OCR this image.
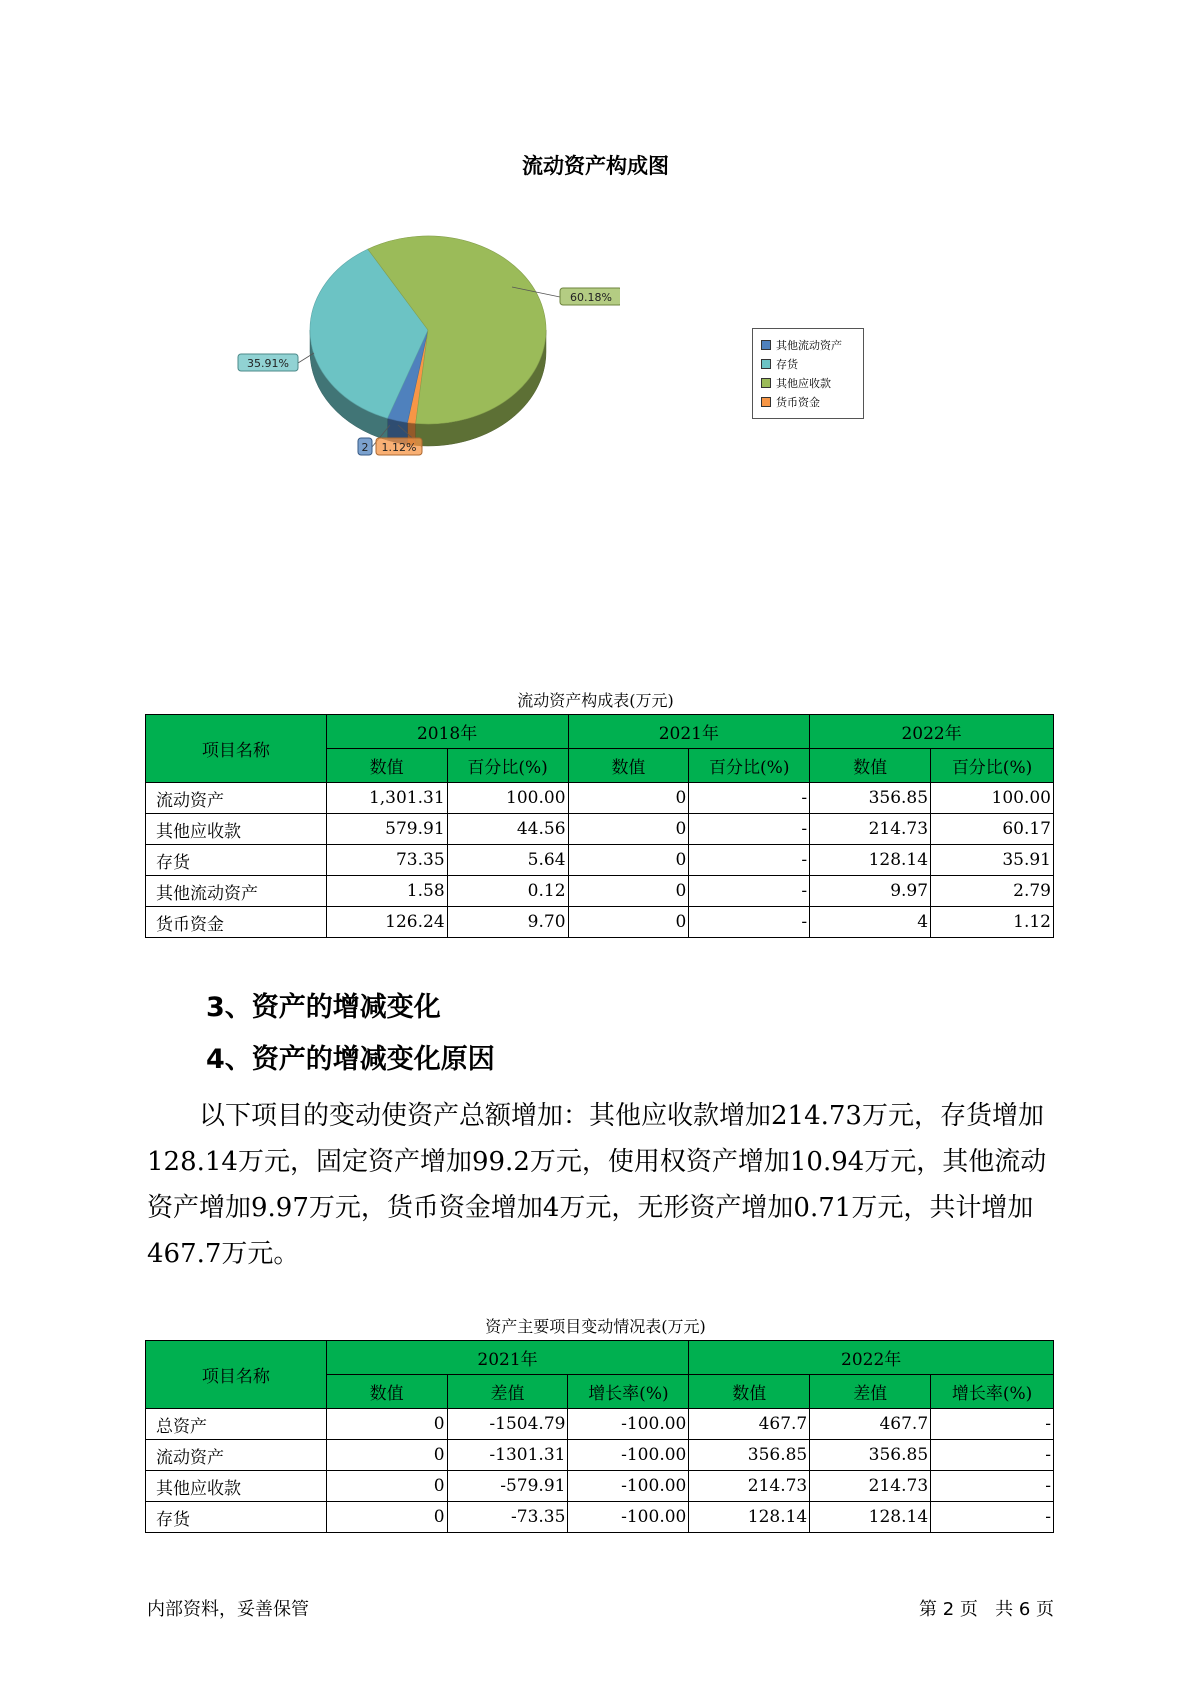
流动资产构成图
2
35.91%
60.18%
1.12%
其他流动资产
存货
其他应收款
货币资金
流动资产构成表(万元)
项目名称	2018年		2021年		2022年	
	数值	百分比(%)	数值	百分比(%)	数值	百分比(%)
流动资产	1,301.31	100.00	0	-	356.85	100.00
其他应收款	579.91	44.56	0	-	214.73	60.17
存货	73.35	5.64	0	-	128.14	35.91
其他流动资产	1.58	0.12	0	-	9.97	2.79
货币资金	126.24	9.70	0	-	4	1.12
3、资产的增减变化
4、资产的增减变化原因
以下项目的变动使资产总额增加：其他应收款增加214.73万元，存货增加128.14万元，固定资产增加99.2万元，使用权资产增加10.94万元，其他流动资产增加9.97万元，货币资金增加4万元，无形资产增加0.71万元，共计增加467.7万元。
资产主要项目变动情况表(万元)
项目名称	2021年			2022年		
	数值	差值	增长率(%)	数值	差值	增长率(%)
总资产	0	-1504.79	-100.00	467.7	467.7	-
流动资产	0	-1301.31	-100.00	356.85	356.85	-
其他应收款	0	-579.91	-100.00	214.73	214.73	-
存货	0	-73.35	-100.00	128.14	128.14	-
内部资料，妥善保管	第 2 页   共 6 页
